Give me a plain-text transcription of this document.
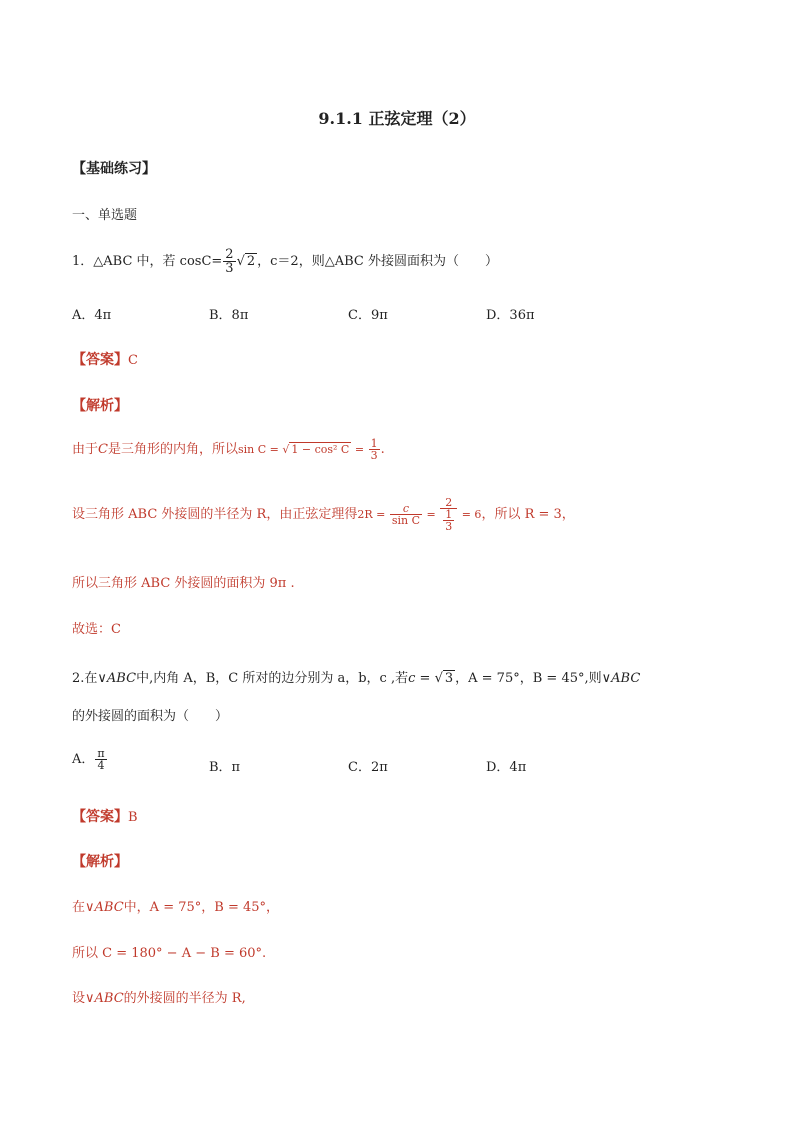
9.1.1 正弦定理（2）
【基础练习】
一、单选题
1．△ABC 中，若 $\cos C= \frac{2}{3}$ √ 2 ，c＝2，则△ABC 外接圆面积为（　　）
A．4π	B．8π	C．9π	D．36π
【答案】C
【解析】
由于C是三角形的内角，所以sin C = √ 1 − cos² $C = \frac{1}{3}$ .
设三角形 ABC 外接圆的半径为 R，由正弦定理得$2R = \frac{c}{\text{sin C}} = \frac{2}{\frac{1}{3}} = 6$，所以 R = 3，
所以三角形 ABC 外接圆的面积为 9π .
故选：C
2.在∨ABC中,内角 A，B，C 所对的边分别为 a，b，c ,若c = √ 3 ，A = 75°，B = 45°,则∨ABC
的外接圆的面积为（　　）
A． $\frac{\pi}{4}$	B．π	C．2π	D．4π
【答案】B
【解析】
在∨ABC中，A = 75°，B = 45°，
所以 C = 180° − A − B = 60°.
设∨ABC的外接圆的半径为 R,
